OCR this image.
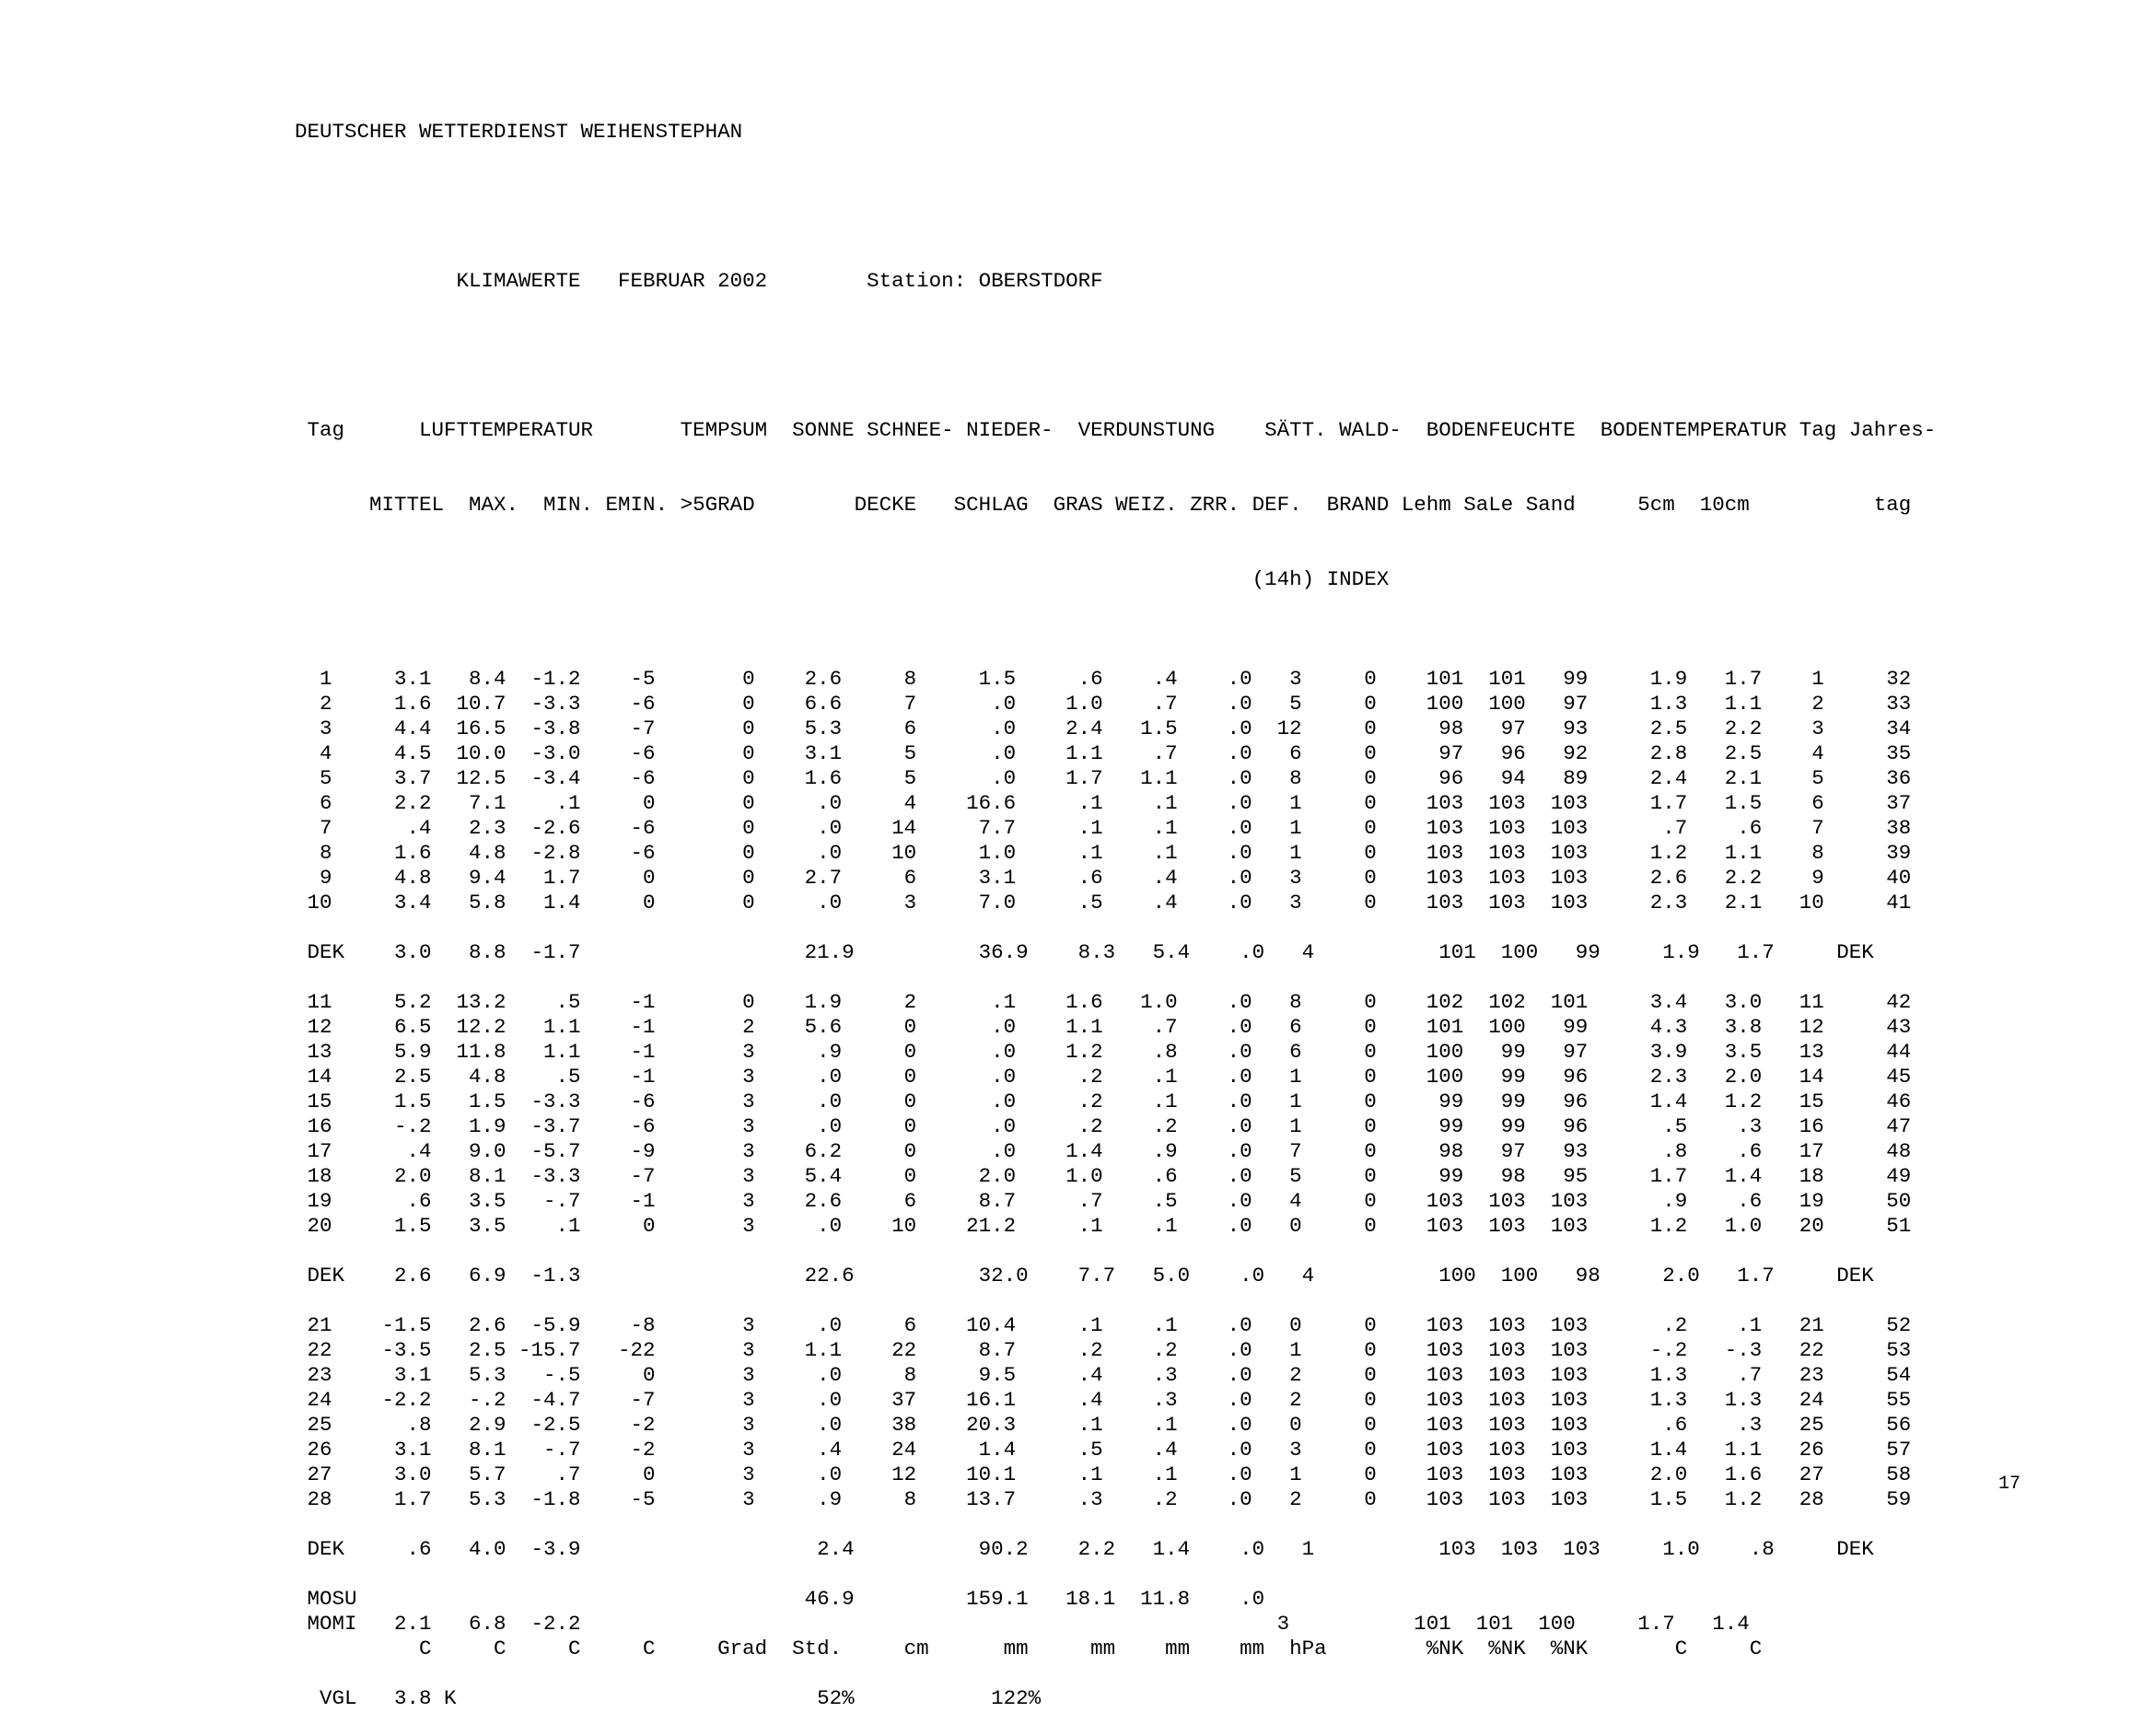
DEUTSCHER WETTERDIENST WEIHENSTEPHAN

KLIMAWERTE   FEBRUAR 2002        Station: OBERSTDORF

Tag      LUFTTEMPERATUR       TEMPSUM  SONNE SCHNEE- NIEDER-  VERDUNSTUNG    SÄTT. WALD-  BODENFEUCHTE  BODENTEMPERATUR Tag Jahres-

MITTEL  MAX.  MIN. EMIN. >5GRAD        DECKE   SCHLAG  GRAS WEIZ. ZRR. DEF.  BRAND Lehm SaLe Sand     5cm  10cm          tag

(14h) INDEX

1     3.1   8.4  -1.2    -5       0    2.6     8     1.5     .6    .4    .0   3     0    101  101   99     1.9   1.7    1     32
2     1.6  10.7  -3.3    -6       0    6.6     7      .0    1.0    .7    .0   5     0    100  100   97     1.3   1.1    2     33
3     4.4  16.5  -3.8    -7       0    5.3     6      .0    2.4   1.5    .0  12     0     98   97   93     2.5   2.2    3     34
4     4.5  10.0  -3.0    -6       0    3.1     5      .0    1.1    .7    .0   6     0     97   96   92     2.8   2.5    4     35
5     3.7  12.5  -3.4    -6       0    1.6     5      .0    1.7   1.1    .0   8     0     96   94   89     2.4   2.1    5     36
6     2.2   7.1    .1     0       0     .0     4    16.6     .1    .1    .0   1     0    103  103  103     1.7   1.5    6     37
7      .4   2.3  -2.6    -6       0     .0    14     7.7     .1    .1    .0   1     0    103  103  103      .7    .6    7     38
8     1.6   4.8  -2.8    -6       0     .0    10     1.0     .1    .1    .0   1     0    103  103  103     1.2   1.1    8     39
9     4.8   9.4   1.7     0       0    2.7     6     3.1     .6    .4    .0   3     0    103  103  103     2.6   2.2    9     40
10     3.4   5.8   1.4     0       0     .0     3     7.0     .5    .4    .0   3     0    103  103  103     2.3   2.1   10     41
DEK    3.0   8.8  -1.7                  21.9          36.9    8.3   5.4    .0   4          101  100   99     1.9   1.7     DEK
11     5.2  13.2    .5    -1       0    1.9     2      .1    1.6   1.0    .0   8     0    102  102  101     3.4   3.0   11     42
12     6.5  12.2   1.1    -1       2    5.6     0      .0    1.1    .7    .0   6     0    101  100   99     4.3   3.8   12     43
13     5.9  11.8   1.1    -1       3     .9     0      .0    1.2    .8    .0   6     0    100   99   97     3.9   3.5   13     44
14     2.5   4.8    .5    -1       3     .0     0      .0     .2    .1    .0   1     0    100   99   96     2.3   2.0   14     45
15     1.5   1.5  -3.3    -6       3     .0     0      .0     .2    .1    .0   1     0     99   99   96     1.4   1.2   15     46
16     -.2   1.9  -3.7    -6       3     .0     0      .0     .2    .2    .0   1     0     99   99   96      .5    .3   16     47
17      .4   9.0  -5.7    -9       3    6.2     0      .0    1.4    .9    .0   7     0     98   97   93      .8    .6   17     48
18     2.0   8.1  -3.3    -7       3    5.4     0     2.0    1.0    .6    .0   5     0     99   98   95     1.7   1.4   18     49
19      .6   3.5   -.7    -1       3    2.6     6     8.7     .7    .5    .0   4     0    103  103  103      .9    .6   19     50
20     1.5   3.5    .1     0       3     .0    10    21.2     .1    .1    .0   0     0    103  103  103     1.2   1.0   20     51
DEK    2.6   6.9  -1.3                  22.6          32.0    7.7   5.0    .0   4          100  100   98     2.0   1.7     DEK
21    -1.5   2.6  -5.9    -8       3     .0     6    10.4     .1    .1    .0   0     0    103  103  103      .2    .1   21     52
22    -3.5   2.5 -15.7   -22       3    1.1    22     8.7     .2    .2    .0   1     0    103  103  103     -.2   -.3   22     53
23     3.1   5.3   -.5     0       3     .0     8     9.5     .4    .3    .0   2     0    103  103  103     1.3    .7   23     54
24    -2.2   -.2  -4.7    -7       3     .0    37    16.1     .4    .3    .0   2     0    103  103  103     1.3   1.3   24     55
25      .8   2.9  -2.5    -2       3     .0    38    20.3     .1    .1    .0   0     0    103  103  103      .6    .3   25     56
26     3.1   8.1   -.7    -2       3     .4    24     1.4     .5    .4    .0   3     0    103  103  103     1.4   1.1   26     57
27     3.0   5.7    .7     0       3     .0    12    10.1     .1    .1    .0   1     0    103  103  103     2.0   1.6   27     58
28     1.7   5.3  -1.8    -5       3     .9     8    13.7     .3    .2    .0   2     0    103  103  103     1.5   1.2   28     59
DEK     .6   4.0  -3.9                   2.4          90.2    2.2   1.4    .0   1          103  103  103     1.0    .8     DEK
MOSU                                    46.9         159.1   18.1  11.8    .0
MOMI   2.1   6.8  -2.2                                                        3          101  101  100     1.7   1.4
C     C     C     C     Grad  Std.     cm      mm     mm    mm    mm  hPa        %NK  %NK  %NK       C     C
VGL   3.8 K                             52%           122%

17
